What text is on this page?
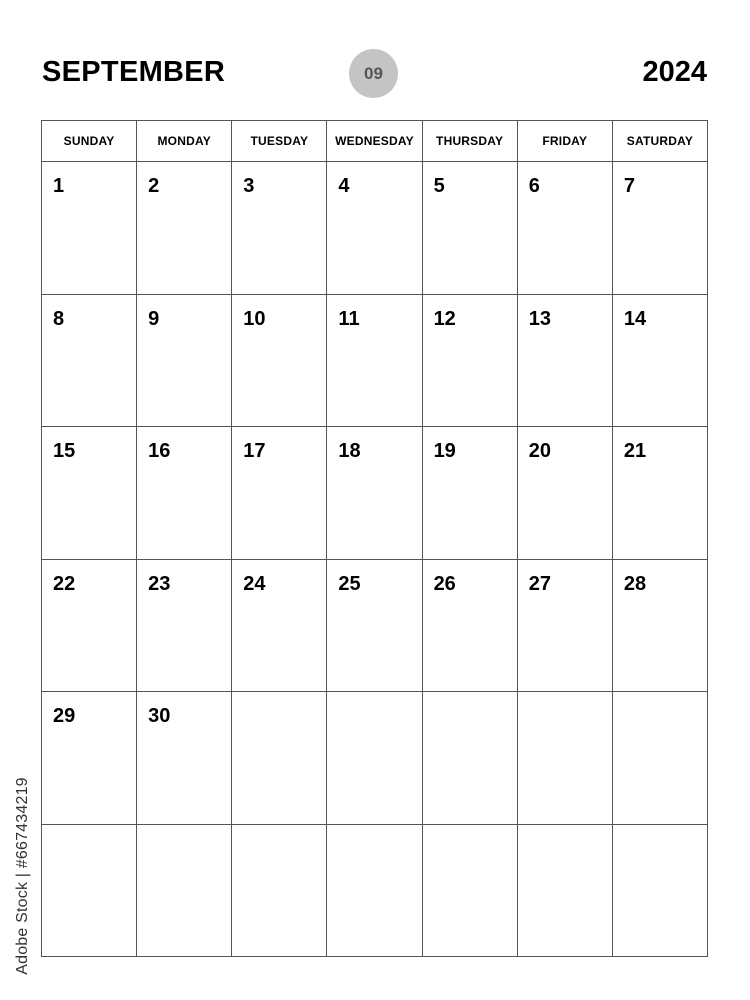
SEPTEMBER	09	2024
SUNDAY	MONDAY	TUESDAY	WEDNESDAY	THURSDAY	FRIDAY	SATURDAY
1	2	3	4	5	6	7
8	9	10	11	12	13	14
15	16	17	18	19	20	21
22	23	24	25	26	27	28
29	30
Adobe Stock | #667434219
